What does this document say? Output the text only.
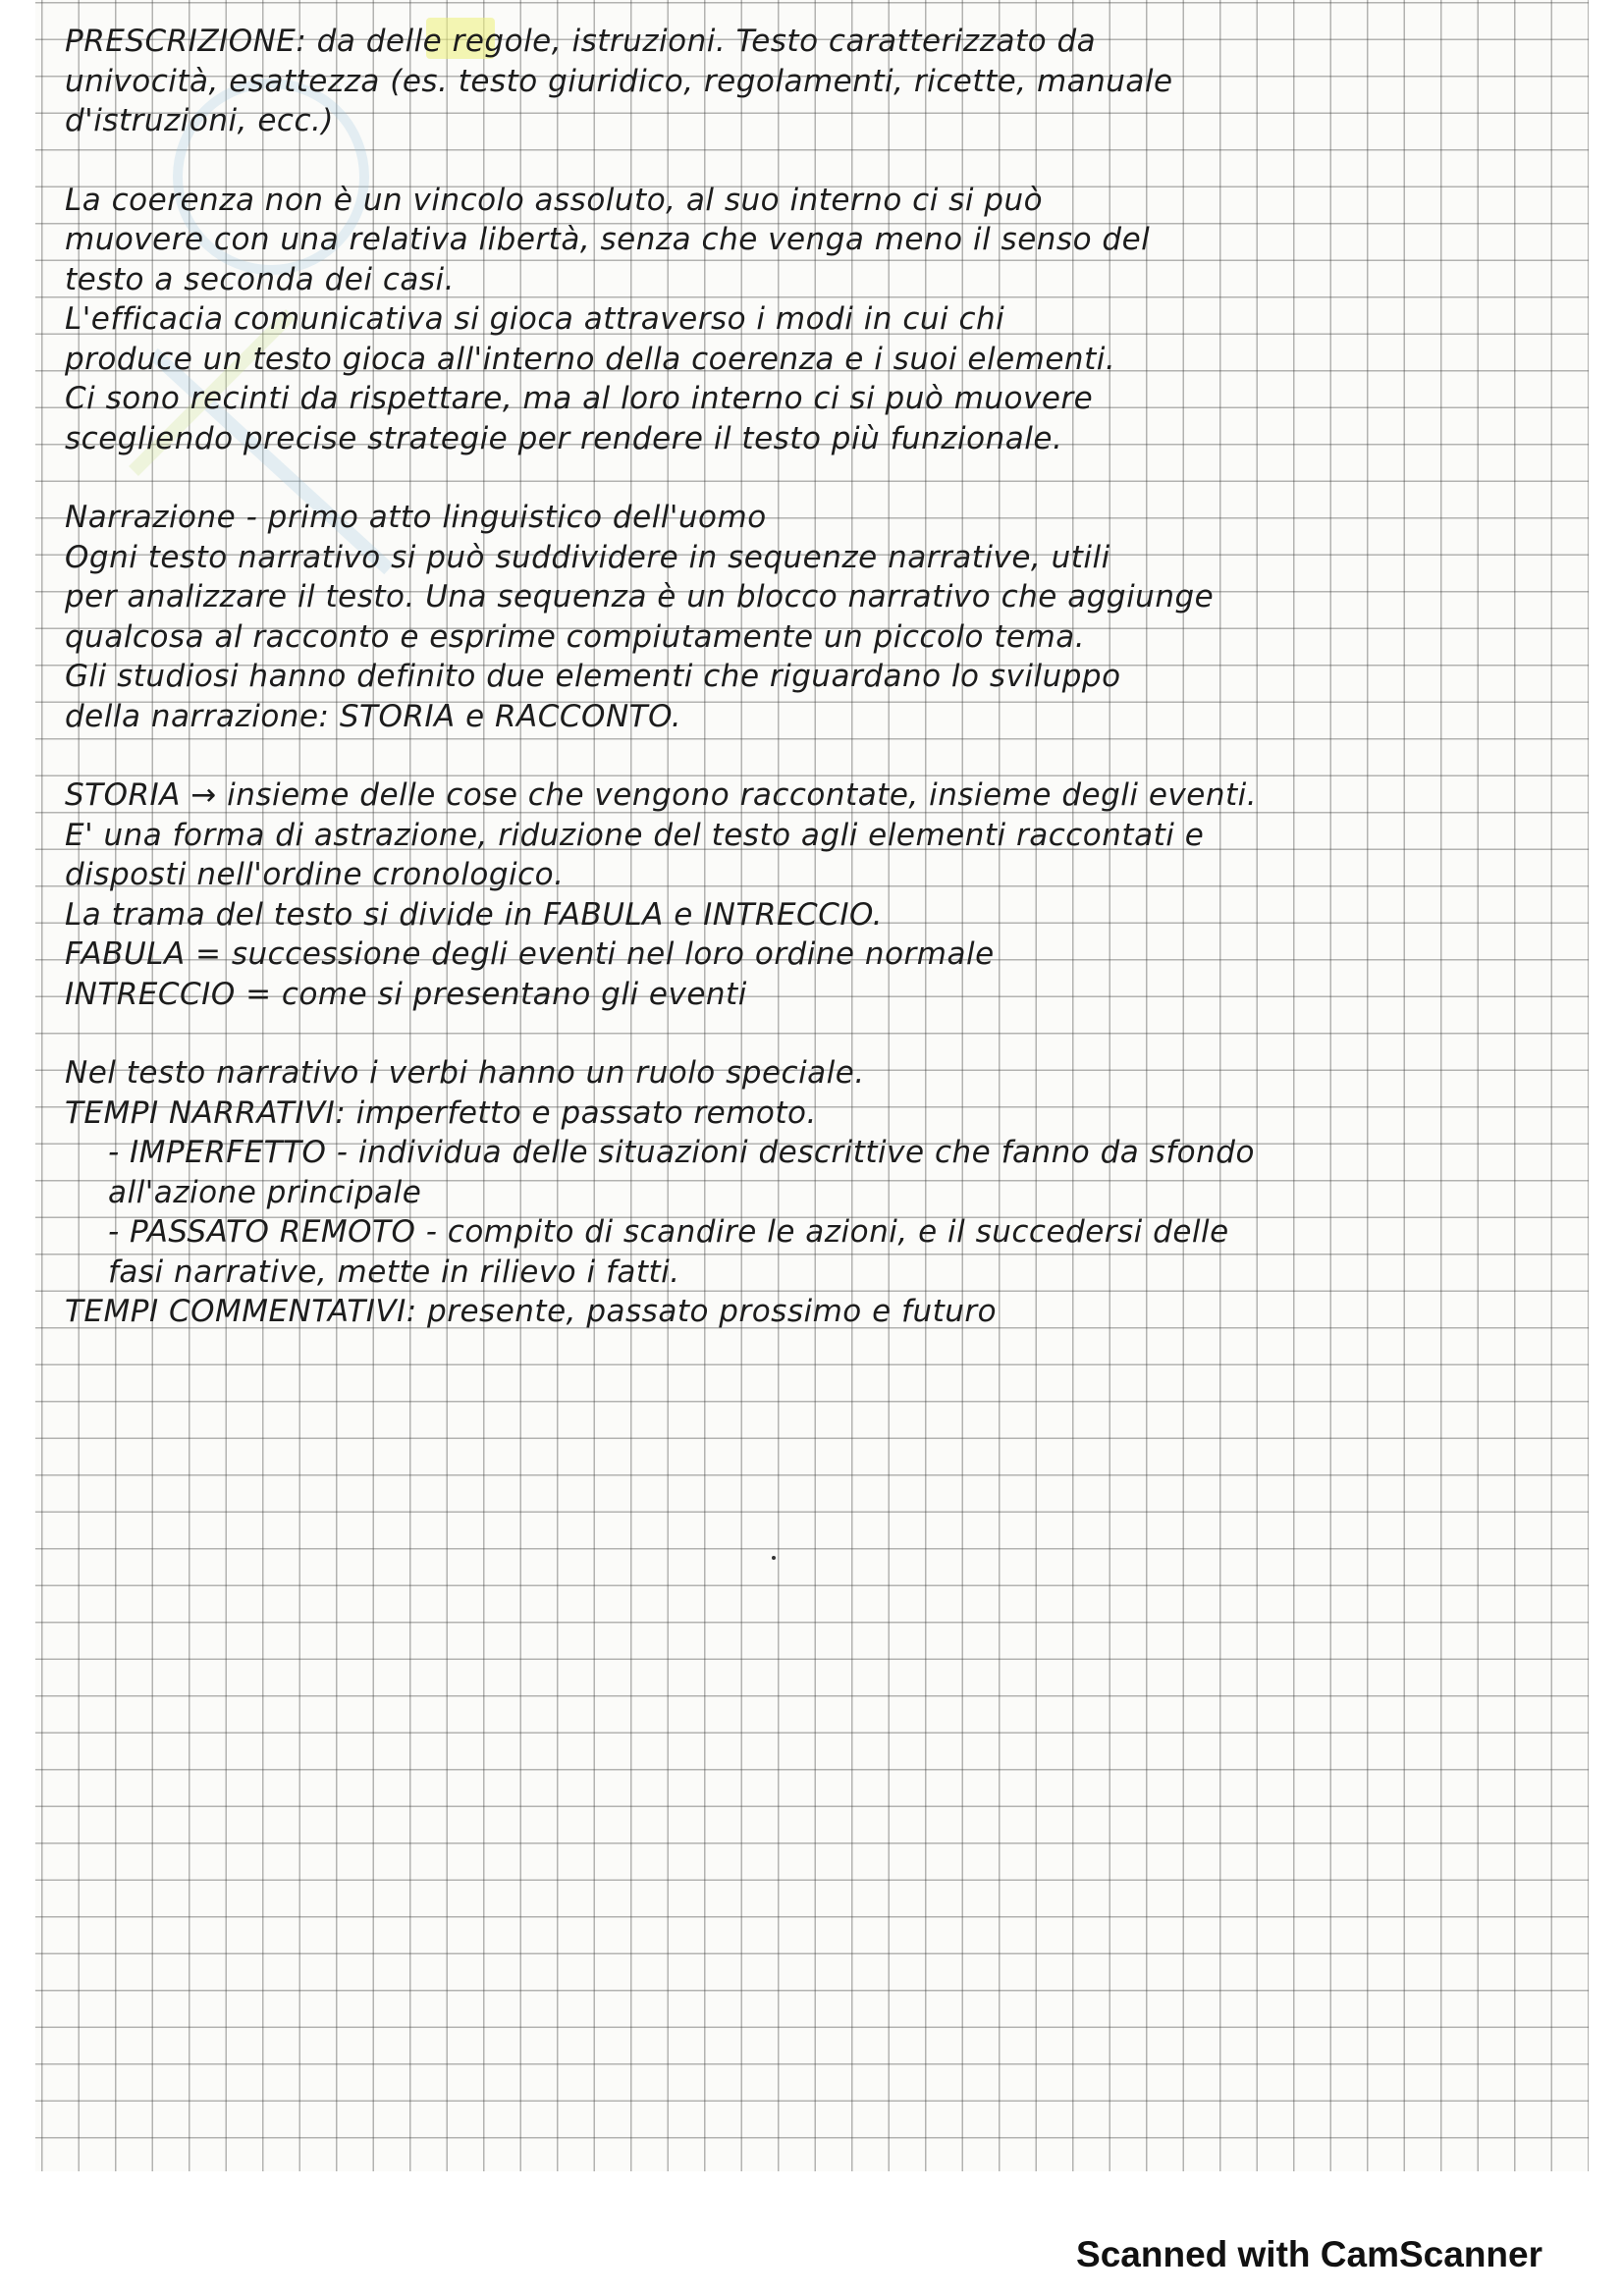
PRESCRIZIONE: da delle regole, istruzioni. Testo caratterizzato da
univocità, esattezza (es. testo giuridico, regolamenti, ricette, manuale
d'istruzioni, ecc.)
La coerenza non è un vincolo assoluto, al suo interno ci si può
muovere con una relativa libertà, senza che venga meno il senso del
testo a seconda dei casi.
L'efficacia comunicativa si gioca attraverso i modi in cui chi
produce un testo gioca all'interno della coerenza e i suoi elementi.
Ci sono recinti da rispettare, ma al loro interno ci si può muovere
scegliendo precise strategie per rendere il testo più funzionale.
Narrazione - primo atto linguistico dell'uomo
Ogni testo narrativo si può suddividere in sequenze narrative, utili
per analizzare il testo. Una sequenza è un blocco narrativo che aggiunge
qualcosa al racconto e esprime compiutamente un piccolo tema.
Gli studiosi hanno definito due elementi che riguardano lo sviluppo
della narrazione: STORIA e RACCONTO.
STORIA → insieme delle cose che vengono raccontate, insieme degli eventi.
E' una forma di astrazione, riduzione del testo agli elementi raccontati e
disposti nell'ordine cronologico.
La trama del testo si divide in FABULA e INTRECCIO.
FABULA = successione degli eventi nel loro ordine normale
INTRECCIO = come si presentano gli eventi
Nel testo narrativo i verbi hanno un ruolo speciale.
TEMPI NARRATIVI: imperfetto e passato remoto.
- IMPERFETTO - individua delle situazioni descrittive che fanno da sfondo
all'azione principale
- PASSATO REMOTO - compito di scandire le azioni, e il succedersi delle
fasi narrative, mette in rilievo i fatti.
TEMPI COMMENTATIVI: presente, passato prossimo e futuro
Scanned with CamScanner
